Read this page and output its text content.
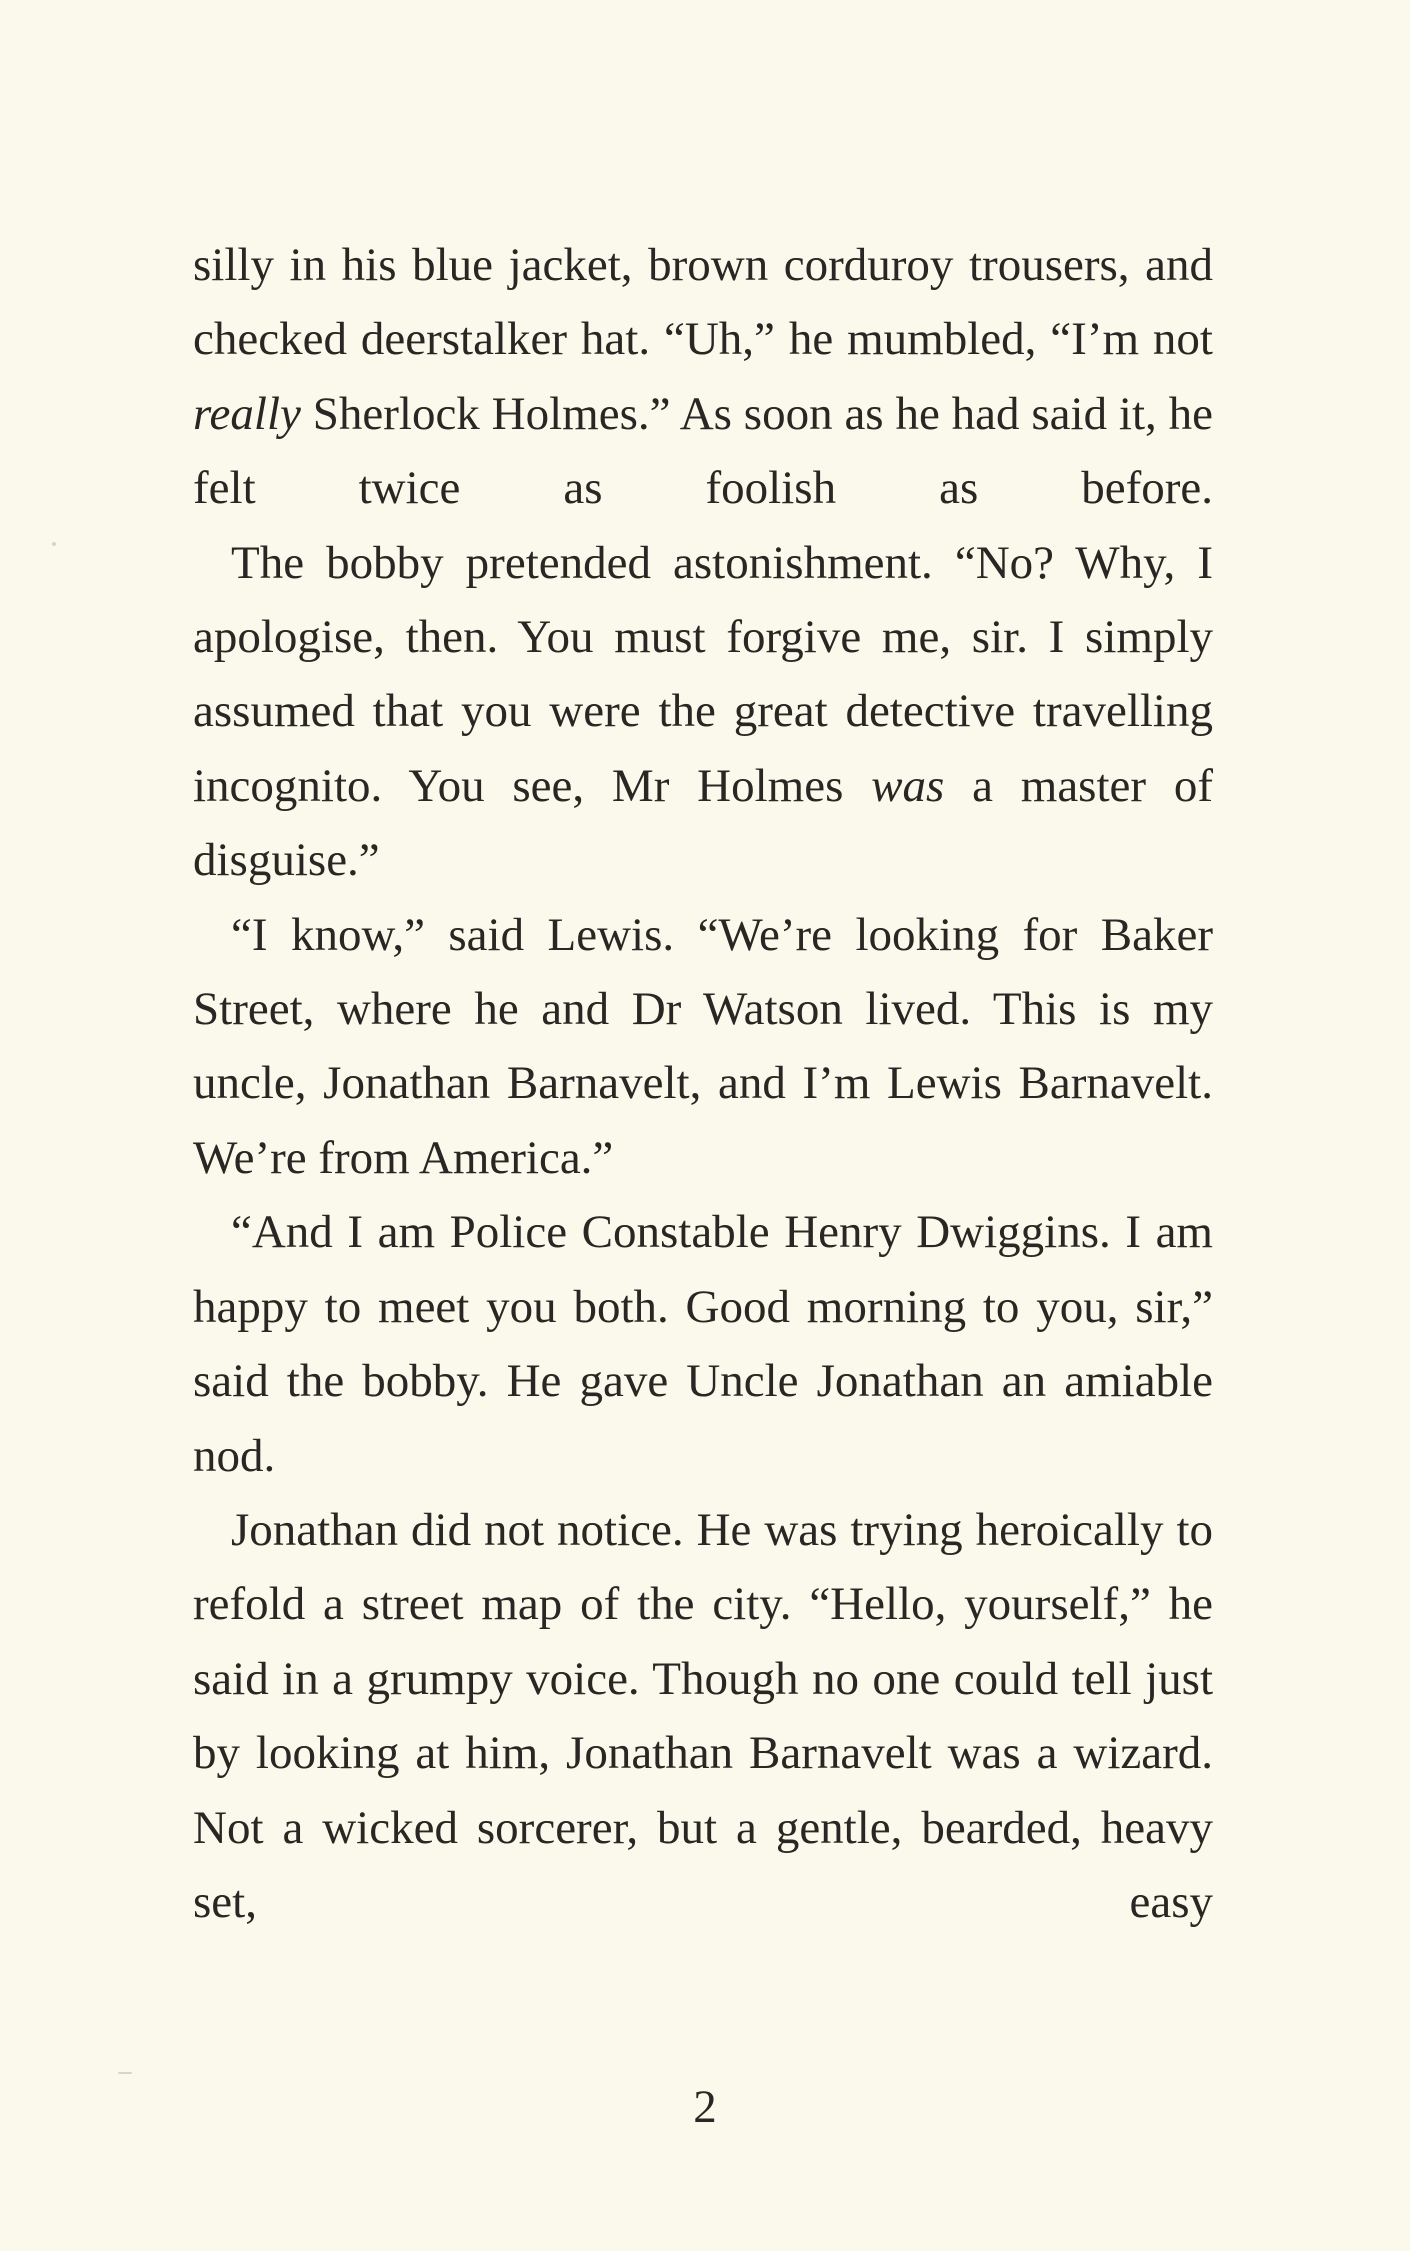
silly in his blue jacket, brown corduroy trousers, and checked deerstalker hat. “Uh,” he mumbled, “I’m not really Sherlock Holmes.” As soon as he had said it, he felt twice as foolish as before.

The bobby pretended astonishment. “No? Why, I apologise, then. You must forgive me, sir. I simply assumed that you were the great detective travelling incognito. You see, Mr Holmes was a master of disguise.”

“I know,” said Lewis. “We’re looking for Baker Street, where he and Dr Watson lived. This is my uncle, Jonathan Barnavelt, and I’m Lewis Barnavelt. We’re from America.”

“And I am Police Constable Henry Dwiggins. I am happy to meet you both. Good morning to you, sir,” said the bobby. He gave Uncle Jonathan an amiable nod.

Jonathan did not notice. He was trying heroically to refold a street map of the city. “Hello, yourself,” he said in a grumpy voice. Though no one could tell just by looking at him, Jonathan Barnavelt was a wizard. Not a wicked sorcerer, but a gentle, bearded, heavy set, easy

2
